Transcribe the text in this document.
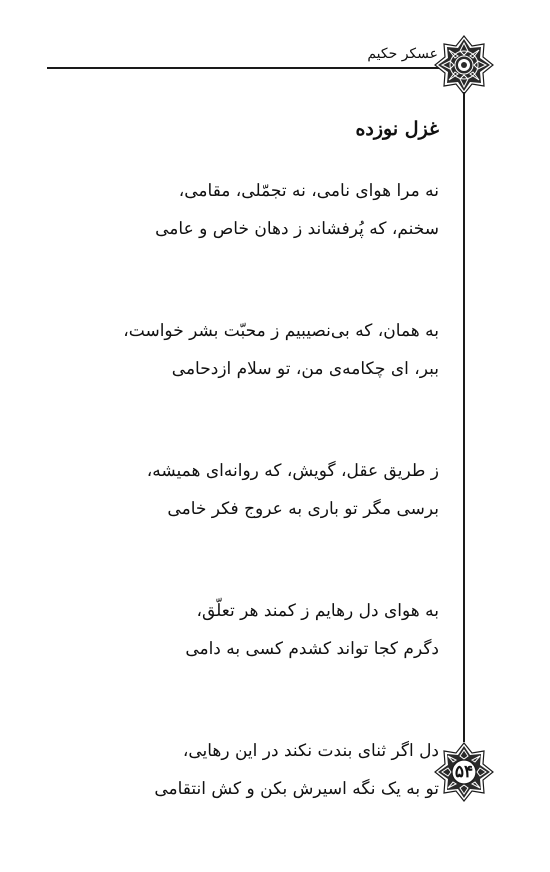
عسکر حکیم
غزل نوزده
نه مرا هوای نامی، نه تجمّلی، مقامی،
سخنم، که پُرفشاند ز دهان خاص و عامی
به همان، که بی‌نصیبیم ز محبّت بشر خواست،
ببر، ای چکامه‌ی من، تو سلام ازدحامی
ز طریق عقل، گویش، که روانه‌ای همیشه،
برسی مگر تو باری به عروج فکر خامی
به هوای دل رهایم ز کمند هر تعلّق،
دگرم کجا تواند کشدم کسی به دامی
دل اگر ثنای بندت نکند در این رهایی،
تو به یک نگه اسیرش بکن و کش انتقامی
۵۴
